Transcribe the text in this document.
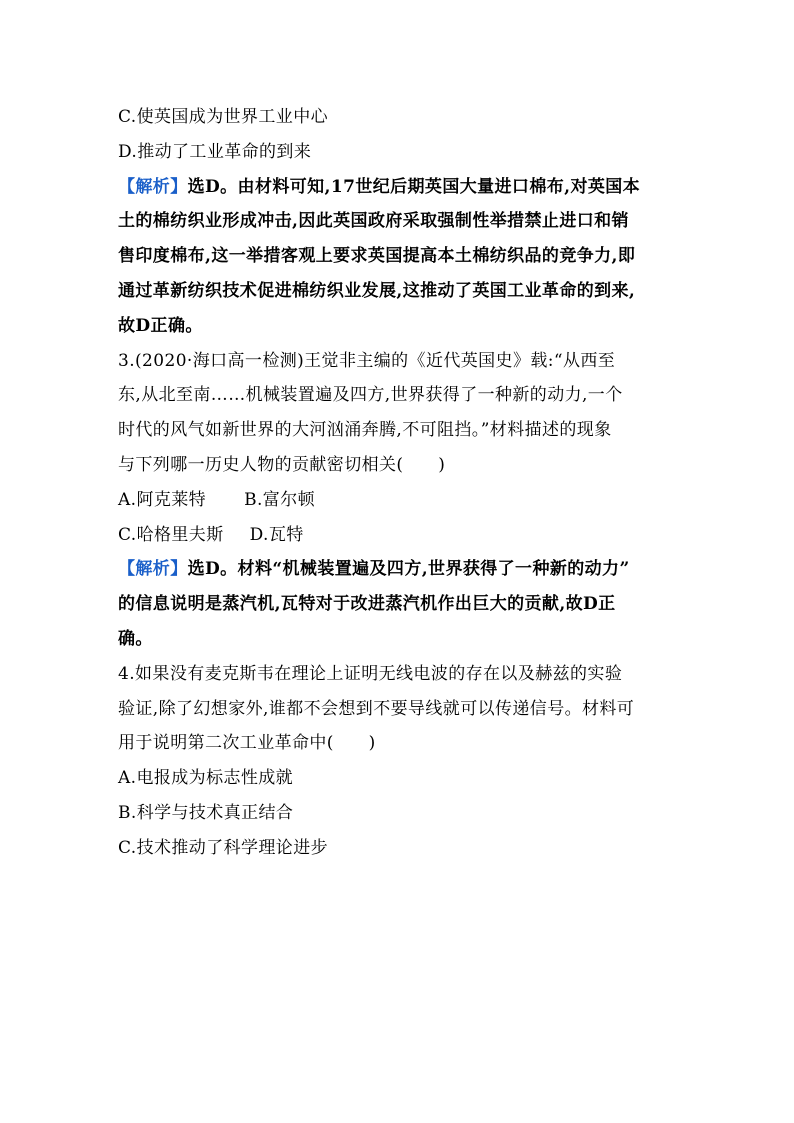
C.使英国成为世界工业中心
D.推动了工业革命的到来
【解析】选D。由材料可知,17世纪后期英国大量进口棉布,对英国本
土的棉纺织业形成冲击,因此英国政府采取强制性举措禁止进口和销
售印度棉布,这一举措客观上要求英国提高本土棉纺织品的竞争力,即
通过革新纺织技术促进棉纺织业发展,这推动了英国工业革命的到来,
故D正确。
3.(2020·海口高一检测)王觉非主编的《近代英国史》载:“从西至
东,从北至南……机械装置遍及四方,世界获得了一种新的动力,一个
时代的风气如新世界的大河汹涌奔腾,不可阻挡。”材料描述的现象
与下列哪一历史人物的贡献密切相关(　　)
A.阿克莱特 B.富尔顿
C.哈格里夫斯 D.瓦特
【解析】选D。材料“机械装置遍及四方,世界获得了一种新的动力”
的信息说明是蒸汽机,瓦特对于改进蒸汽机作出巨大的贡献,故D正
确。
4.如果没有麦克斯韦在理论上证明无线电波的存在以及赫兹的实验
验证,除了幻想家外,谁都不会想到不要导线就可以传递信号。材料可
用于说明第二次工业革命中(　　)
A.电报成为标志性成就
B.科学与技术真正结合
C.技术推动了科学理论进步
